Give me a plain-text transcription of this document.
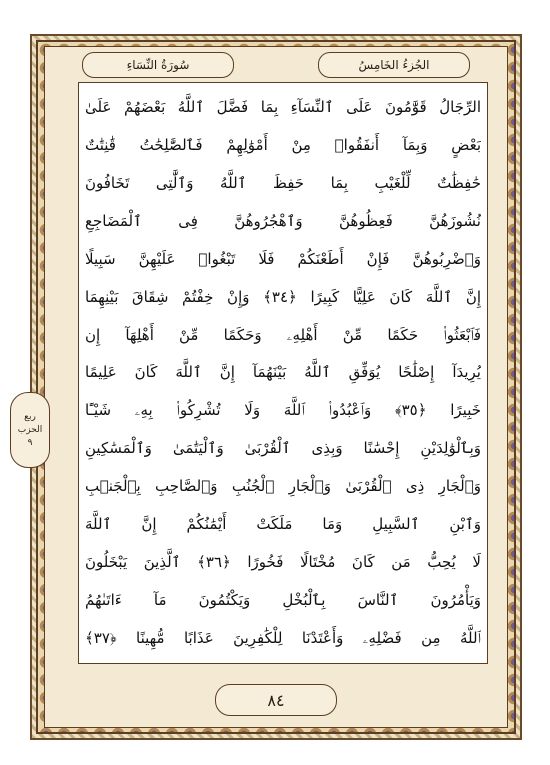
الجُزءُ الخَامِسُ
سُورَةُ النِّسَاءِ
ربع
الحزب
٩
الرِّجَالُ قَوَّٰمُونَ عَلَى ٱلنِّسَآءِ بِمَا فَضَّلَ ٱللَّهُ بَعْضَهُمْ عَلَىٰ
بَعْضٍ وَبِمَآ أَنفَقُوا۟ مِنْ أَمْوَٰلِهِمْ فَٱلصَّٰلِحَٰتُ قَٰنِتَٰتٌ
حَٰفِظَٰتٌ لِّلْغَيْبِ بِمَا حَفِظَ ٱللَّهُ وَٱلَّٰتِى تَخَافُونَ
نُشُوزَهُنَّ فَعِظُوهُنَّ وَٱهْجُرُوهُنَّ فِى ٱلْمَضَاجِعِ
وَٱضْرِبُوهُنَّ فَإِنْ أَطَعْنَكُمْ فَلَا تَبْغُوا۟ عَلَيْهِنَّ سَبِيلًا
إِنَّ ٱللَّهَ كَانَ عَلِيًّا كَبِيرًا ﴿٣٤﴾ وَإِنْ خِفْتُمْ شِقَاقَ بَيْنِهِمَا
فَٱبْعَثُوا۟ حَكَمًا مِّنْ أَهْلِهِۦ وَحَكَمًا مِّنْ أَهْلِهَآ إِن
يُرِيدَآ إِصْلَٰحًا يُوَفِّقِ ٱللَّهُ بَيْنَهُمَآ إِنَّ ٱللَّهَ كَانَ عَلِيمًا
خَبِيرًا ﴿٣٥﴾ وَٱعْبُدُوا۟ ٱللَّهَ وَلَا تُشْرِكُوا۟ بِهِۦ شَيْـًٔا
وَبِٱلْوَٰلِدَيْنِ إِحْسَٰنًا وَبِذِى ٱلْقُرْبَىٰ وَٱلْيَتَٰمَىٰ وَٱلْمَسَٰكِينِ
وَٱلْجَارِ ذِى ٱلْقُرْبَىٰ وَٱلْجَارِ ٱلْجُنُبِ وَٱلصَّاحِبِ بِٱلْجَنۢبِ
وَٱبْنِ ٱلسَّبِيلِ وَمَا مَلَكَتْ أَيْمَٰنُكُمْ إِنَّ ٱللَّهَ
لَا يُحِبُّ مَن كَانَ مُخْتَالًا فَخُورًا ﴿٣٦﴾ ٱلَّذِينَ يَبْخَلُونَ
وَيَأْمُرُونَ ٱلنَّاسَ بِٱلْبُخْلِ وَيَكْتُمُونَ مَآ ءَاتَىٰهُمُ
ٱللَّهُ مِن فَضْلِهِۦ وَأَعْتَدْنَا لِلْكَٰفِرِينَ عَذَابًا مُّهِينًا ﴿٣٧﴾
٨٤
